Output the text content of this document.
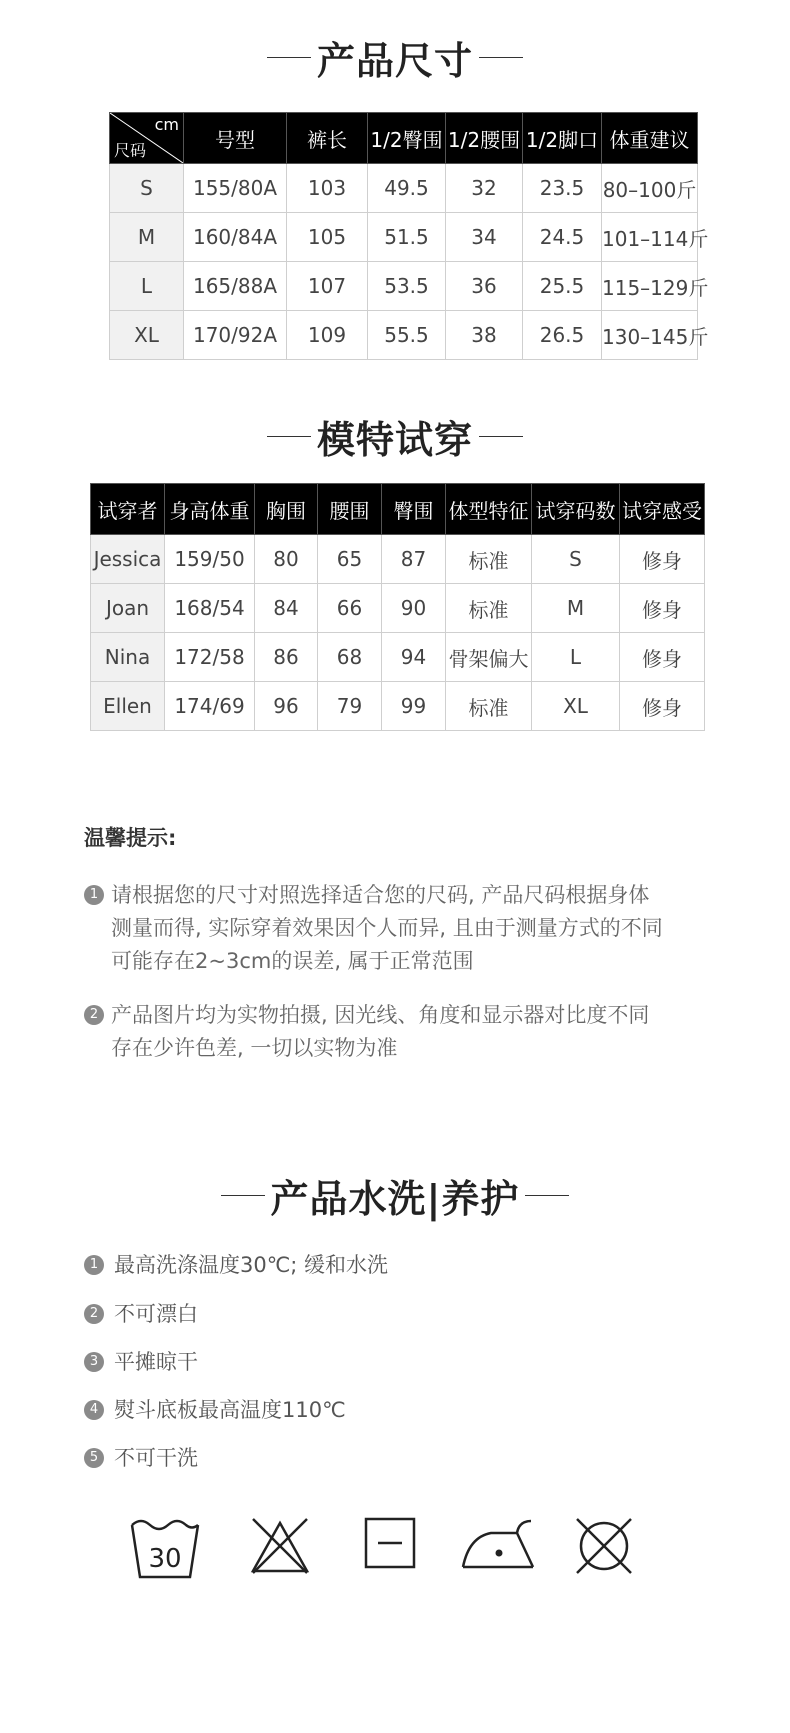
产品尺寸
cm
尺码	号型	裤长	1/2臀围	1/2腰围	1/2脚口	体重建议
S	155/80A	103	49.5	32	23.5	80–100斤
M	160/84A	105	51.5	34	24.5	101–114斤
L	165/88A	107	53.5	36	25.5	115–129斤
XL	170/92A	109	55.5	38	26.5	130–145斤
模特试穿
试穿者	身高体重	胸围	腰围	臀围	体型特征	试穿码数	试穿感受
Jessica	159/50	80	65	87	标准	S	修身
Joan	168/54	84	66	90	标准	M	修身
Nina	172/58	86	68	94	骨架偏大	L	修身
Ellen	174/69	96	79	99	标准	XL	修身
温馨提示:
1 请根据您的尺寸对照选择适合您的尺码, 产品尺码根据身体
测量而得, 实际穿着效果因个人而异, 且由于测量方式的不同
可能存在2~3cm的误差, 属于正常范围
2 产品图片均为实物拍摄, 因光线、角度和显示器对比度不同
存在少许色差, 一切以实物为准
产品水洗|养护
1 最高洗涤温度30℃; 缓和水洗
2 不可漂白
3 平摊晾干
4 熨斗底板最高温度110℃
5 不可干洗
30
